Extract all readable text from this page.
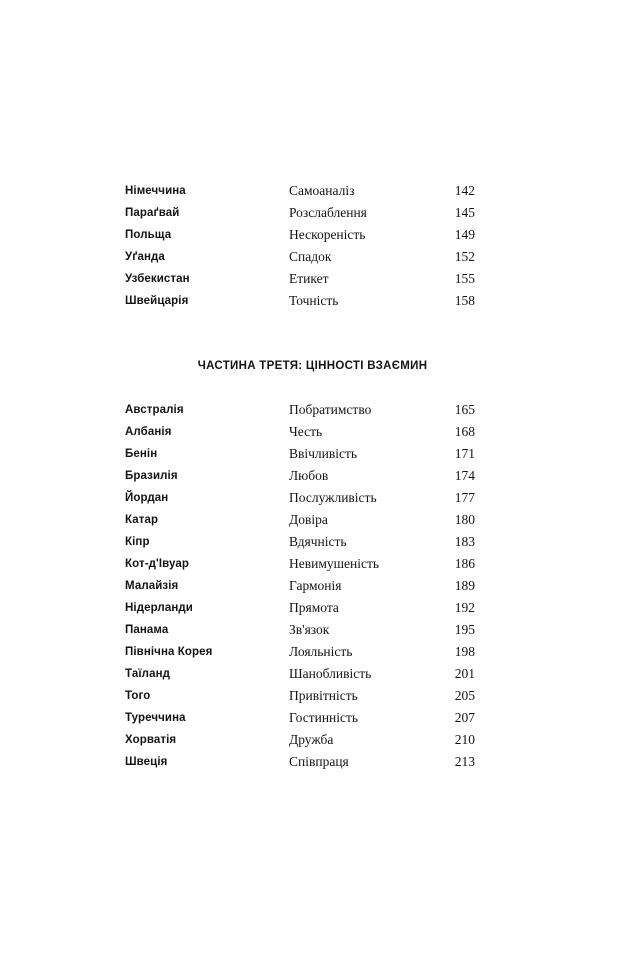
Німеччина	Самоаналіз	142
Параґвай	Розслаблення	145
Польща	Нескореність	149
Уґанда	Спадок	152
Узбекистан	Етикет	155
Швейцарія	Точність	158
ЧАСТИНА ТРЕТЯ: ЦІННОСТІ ВЗАЄМИН
Австралія	Побратимство	165
Албанія	Честь	168
Бенін	Ввічливість	171
Бразилія	Любов	174
Йордан	Послужливість	177
Катар	Довіра	180
Кіпр	Вдячність	183
Кот-д'Івуар	Невимушеність	186
Малайзія	Гармонія	189
Нідерланди	Прямота	192
Панама	Зв'язок	195
Північна Корея	Лояльність	198
Таїланд	Шанобливість	201
Того	Привітність	205
Туреччина	Гостинність	207
Хорватія	Дружба	210
Швеція	Співпраця	213
